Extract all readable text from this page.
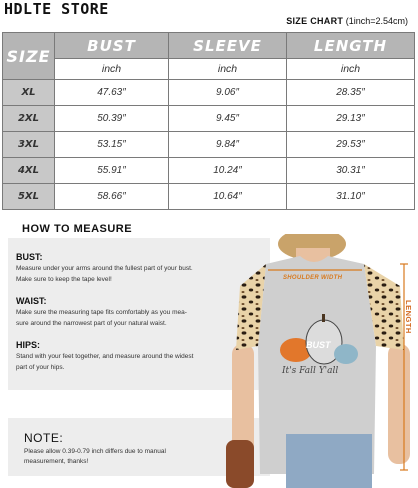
HDLTE STORE
SIZE CHART (1inch=2.54cm)
SIZE	BUST	SLEEVE	LENGTH
	inch	inch	inch
XL	47.63″	9.06″	28.35″
2XL	50.39″	9.45″	29.13″
3XL	53.15″	9.84″	29.53″
4XL	55.91″	10.24″	30.31″
5XL	58.66″	10.64″	31.10″
HOW TO MEASURE
BUST:
Measure under your arms around the fullest part of your bust.
Make sure to keep the tape level!
WAIST:
Make sure the measuring tape fits comfortably as you mea-
sure around the narrowest part of your natural waist.
HIPS:
Stand with your feet together, and measure around the widest
part of your hips.
NOTE:
Please allow 0.39-0.79 inch differs due to manual
measurement, thanks!
SHOULDER WIDTH
BUST
It's Fall Y'all
LENGTH
